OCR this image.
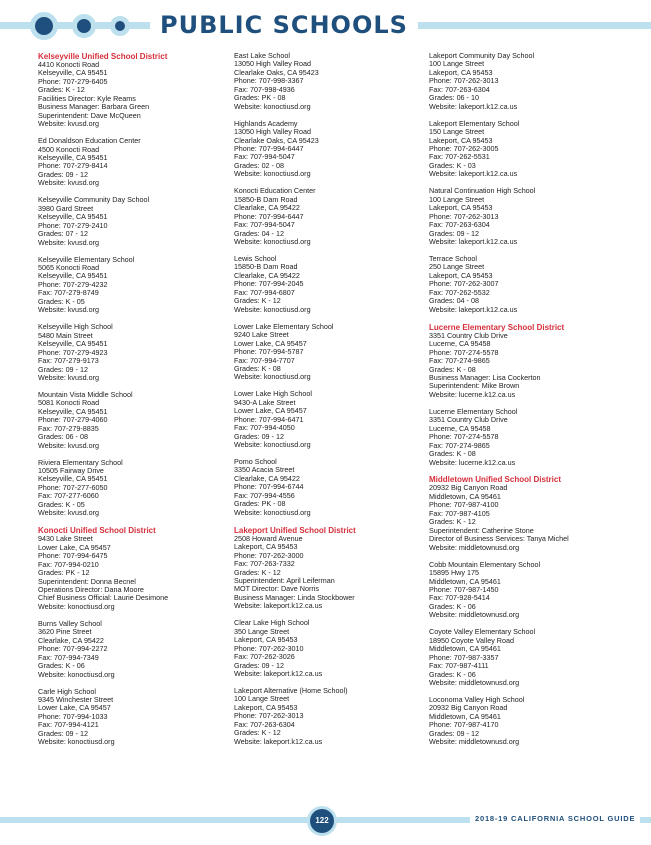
PUBLIC SCHOOLS
Kelseyville Unified School District
4410 Konocti Road
Kelseyville, CA 95451
Phone: 707-279-6405
Grades: K - 12
Facilities Director: Kyle Reams
Business Manager: Barbara Green
Superintendent: Dave McQueen
Website: kvusd.org
Ed Donaldson Education Center
4500 Konocti Road
Kelseyville, CA 95451
Phone: 707-279-8414
Grades: 09 - 12
Website: kvusd.org
Kelseyville Community Day School
3980 Gard Street
Kelseyville, CA 95451
Phone: 707-279-2410
Grades: 07 - 12
Website: kvusd.org
Kelseyville Elementary School
5065 Konocti Road
Kelseyville, CA 95451
Phone: 707-279-4232
Fax: 707-279-8749
Grades: K - 05
Website: kvusd.org
Kelseyville High School
5480 Main Street
Kelseyville, CA 95451
Phone: 707-279-4923
Fax: 707-279-9173
Grades: 09 - 12
Website: kvusd.org
Mountain Vista Middle School
5081 Konocti Road
Kelseyville, CA 95451
Phone: 707-279-4060
Fax: 707-279-8835
Grades: 06 - 08
Website: kvusd.org
Riviera Elementary School
10505 Fairway Drive
Kelseyville, CA 95451
Phone: 707-277-6050
Fax: 707-277-6060
Grades: K - 05
Website: kvusd.org
Konocti Unified School District
9430 Lake Street
Lower Lake, CA 95457
Phone: 707-994-6475
Fax: 707-994-0210
Grades: PK - 12
Superintendent: Donna Becnel
Operations Director: Dana Moore
Chief Business Official: Laurie Desimone
Website: konoctiusd.org
Burns Valley School
3620 Pine Street
Clearlake, CA 95422
Phone: 707-994-2272
Fax: 707-994-7349
Grades: K - 06
Website: konoctiusd.org
Carle High School
9345 Winchester Street
Lower Lake, CA 95457
Phone: 707-994-1033
Fax: 707-994-4121
Grades: 09 - 12
Website: konoctiusd.org
East Lake School
13050 High Valley Road
Clearlake Oaks, CA 95423
Phone: 707-998-3367
Fax: 707-998-4936
Grades: PK - 08
Website: konoctiusd.org
Highlands Academy
13050 High Valley Road
Clearlake Oaks, CA 95423
Phone: 707-994-6447
Fax: 707-994-5047
Grades: 02 - 08
Website: konoctiusd.org
Konocti Education Center
15850-B Dam Road
Clearlake, CA 95422
Phone: 707-994-6447
Fax: 707-994-5047
Grades: 04 - 12
Website: konoctiusd.org
Lewis School
15850-B Dam Road
Clearlake, CA 95422
Phone: 707-994-2045
Fax: 707-994-6807
Grades: K - 12
Website: konoctiusd.org
Lower Lake Elementary School
9240 Lake Street
Lower Lake, CA 95457
Phone: 707-994-5787
Fax: 707-994-7707
Grades: K - 08
Website: konoctiusd.org
Lower Lake High School
9430-A Lake Street
Lower Lake, CA 95457
Phone: 707-994-6471
Fax: 707-994-4050
Grades: 09 - 12
Website: konoctiusd.org
Pomo School
3350 Acacia Street
Clearlake, CA 95422
Phone: 707-994-6744
Fax: 707-994-4556
Grades: PK - 08
Website: konoctiusd.org
Lakeport Unified School District
2508 Howard Avenue
Lakeport, CA 95453
Phone: 707-262-3000
Fax: 707-263-7332
Grades: K - 12
Superintendent: April Leiferman
MOT Director: Dave Norris
Business Manager: Linda Stockbower
Website: lakeport.k12.ca.us
Clear Lake High School
350 Lange Street
Lakeport, CA 95453
Phone: 707-262-3010
Fax: 707-262-3026
Grades: 09 - 12
Website: lakeport.k12.ca.us
Lakeport Alternative (Home School)
100 Lange Street
Lakeport, CA 95453
Phone: 707-262-3013
Fax: 707-263-6304
Grades: K - 12
Website: lakeport.k12.ca.us
Lakeport Community Day School
100 Lange Street
Lakeport, CA 95453
Phone: 707-262-3013
Fax: 707-263-6304
Grades: 06 - 10
Website: lakeport.k12.ca.us
Lakeport Elementary School
150 Lange Street
Lakeport, CA 95453
Phone: 707-262-3005
Fax: 707-262-5531
Grades: K - 03
Website: lakeport.k12.ca.us
Natural Continuation High School
100 Lange Street
Lakeport, CA 95453
Phone: 707-262-3013
Fax: 707-263-6304
Grades: 09 - 12
Website: lakeport.k12.ca.us
Terrace School
250 Lange Street
Lakeport, CA 95453
Phone: 707-262-3007
Fax: 707-262-5532
Grades: 04 - 08
Website: lakeport.k12.ca.us
Lucerne Elementary School District
3351 Country Club Drive
Lucerne, CA 95458
Phone: 707-274-5578
Fax: 707-274-9865
Grades: K - 08
Business Manager: Lisa Cockerton
Superintendent: Mike Brown
Website: lucerne.k12.ca.us
Lucerne Elementary School
3351 Country Club Drive
Lucerne, CA 95458
Phone: 707-274-5578
Fax: 707-274-9865
Grades: K - 08
Website: lucerne.k12.ca.us
Middletown Unified School District
20932 Big Canyon Road
Middletown, CA 95461
Phone: 707-987-4100
Fax: 707-987-4105
Grades: K - 12
Superintendent: Catherine Stone
Director of Business Services: Tanya Michel
Website: middletownusd.org
Cobb Mountain Elementary School
15895 Hwy 175
Middletown, CA 95461
Phone: 707-987-1450
Fax: 707-928-5414
Grades: K - 06
Website: middletownusd.org
Coyote Valley Elementary School
18950 Coyote Valley Road
Middletown, CA 95461
Phone: 707-987-3357
Fax: 707-987-4111
Grades: K - 06
Website: middletownusd.org
Loconoma Valley High School
20932 Big Canyon Road
Middletown, CA 95461
Phone: 707-987-4170
Grades: 09 - 12
Website: middletownusd.org
122	2018-19 CALIFORNIA SCHOOL GUIDE
